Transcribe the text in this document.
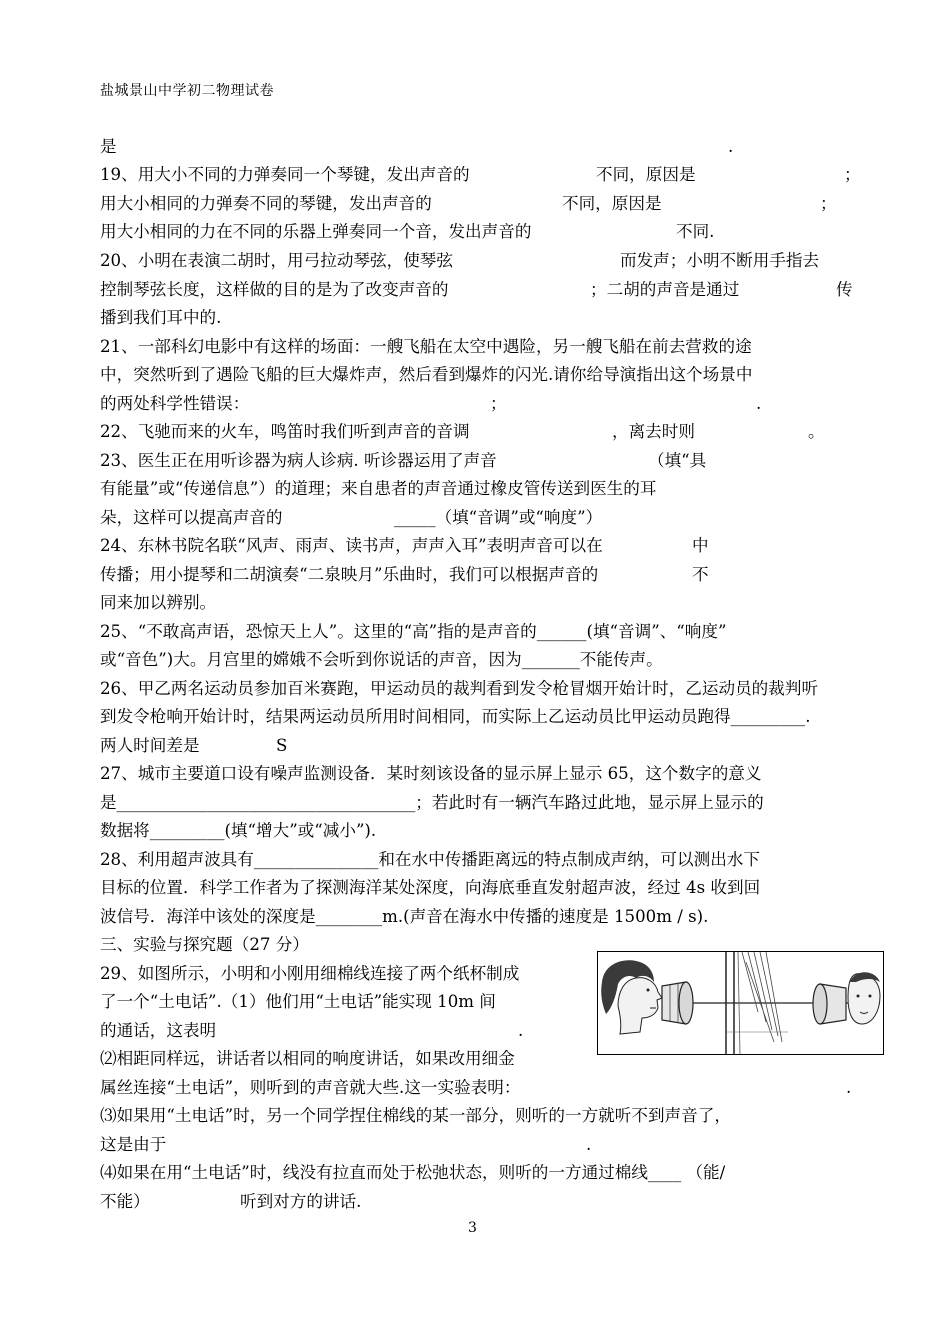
盐城景山中学初二物理试卷
是	.
19、用大小不同的力弹奏同一个琴键，发出声音的	不同，原因是	；
用大小相同的力弹奏不同的琴键，发出声音的	不同，原因是	；
用大小相同的力在不同的乐器上弹奏同一个音，发出声音的	不同.
20、小明在表演二胡时，用弓拉动琴弦，使琴弦	而发声；小明不断用手指去
控制琴弦长度，这样做的目的是为了改变声音的	；二胡的声音是通过	传
播到我们耳中的.
21、一部科幻电影中有这样的场面：一艘飞船在太空中遇险，另一艘飞船在前去营救的途
中，突然听到了遇险飞船的巨大爆炸声，然后看到爆炸的闪光.请你给导演指出这个场景中
的两处科学性错误：	；	.
22、飞驰而来的火车，鸣笛时我们听到声音的音调	，离去时则	。
23、医生正在用听诊器为病人诊病. 听诊器运用了声音	（填“具
有能量”或“传递信息”）的道理；来自患者的声音通过橡皮管传送到医生的耳
朵，这样可以提高声音的	_____（填“音调”或“响度”）
24、东林书院名联“风声、雨声、读书声，声声入耳”表明声音可以在	中
传播；用小提琴和二胡演奏“二泉映月”乐曲时，我们可以根据声音的	不
同来加以辨别。
25、“不敢高声语，恐惊天上人”。这里的“高”指的是声音的______(填“音调”、“响度”
或“音色”)大。月宫里的嫦娥不会听到你说话的声音，因为_______不能传声。
26、甲乙两名运动员参加百米赛跑，甲运动员的裁判看到发令枪冒烟开始计时，乙运动员的裁判听
到发令枪响开始计时，结果两运动员所用时间相同，而实际上乙运动员比甲运动员跑得_________.
两人时间差是	S
27、城市主要道口设有噪声监测设备．某时刻该设备的显示屏上显示 65，这个数字的意义
是____________________________________；若此时有一辆汽车路过此地，显示屏上显示的
数据将_________(填“增大”或“减小”).
28、利用超声波具有_______________和在水中传播距离远的特点制成声纳，可以测出水下
目标的位置．科学工作者为了探测海洋某处深度，向海底垂直发射超声波，经过 4s 收到回
波信号．海洋中该处的深度是________m.(声音在海水中传播的速度是 1500m / s).
三、实验与探究题（27 分）
29、如图所示，小明和小刚用细棉线连接了两个纸杯制成
了一个“土电话”.（1）他们用“土电话”能实现 10m 间
的通话，这表明	.
⑵相距同样远，讲话者以相同的响度讲话，如果改用细金
属丝连接“土电话”，则听到的声音就大些.这一实验表明：	.
⑶如果用“土电话”时，另一个同学捏住棉线的某一部分，则听的一方就听不到声音了，
这是由于	.
⑷如果在用“土电话”时，线没有拉直而处于松弛状态，则听的一方通过棉线____ （能/
不能）	听到对方的讲话.
3
